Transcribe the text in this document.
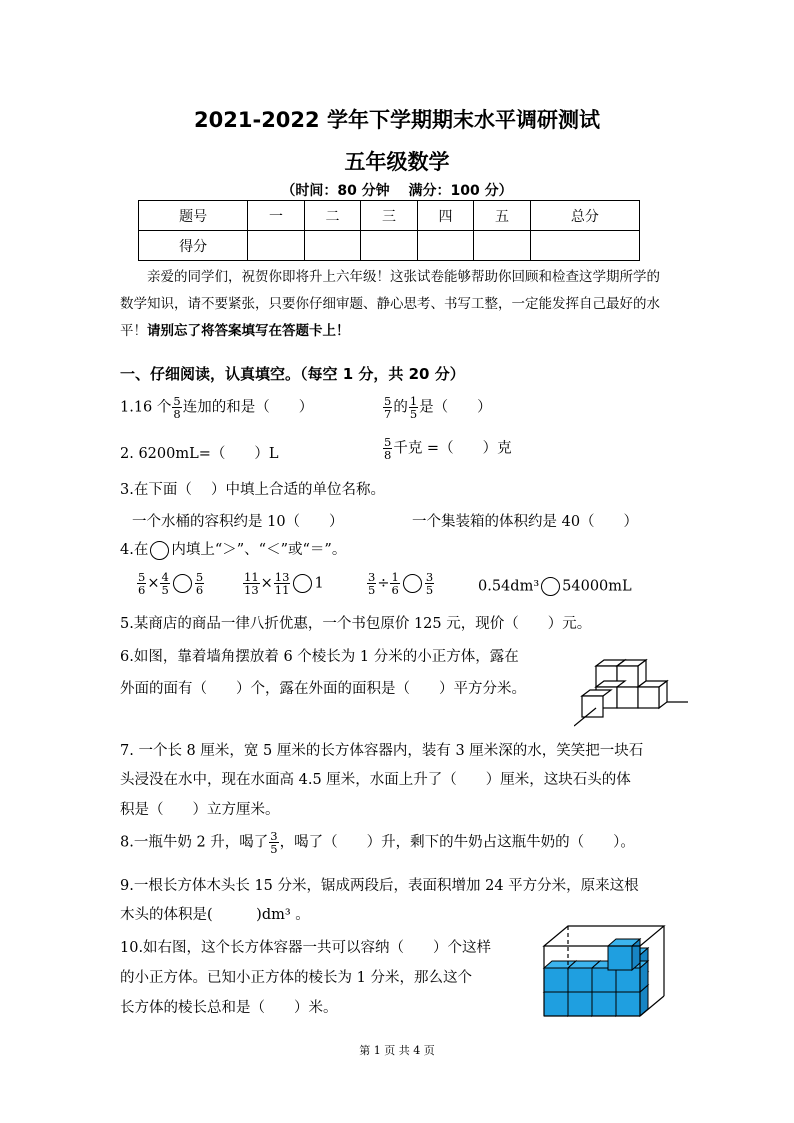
2021-2022 学年下学期期末水平调研测试
五年级数学
（时间：80 分钟　 满分：100 分）
题号	一	二	三	四	五	总分
得分						
亲爱的同学们，祝贺你即将升上六年级！这张试卷能够帮助你回顾和检查这学期所学的数学知识，请不要紧张，只要你仔细审题、静心思考、书写工整，一定能发挥自己最好的水平！请别忘了将答案填写在答题卡上！
一、仔细阅读，认真填空。（每空 1 分，共 20 分）
1.16 个 $\frac{5}{8}$ 连加的和是（　　）	$\frac{5}{7}$ 的 $\frac{1}{5}$ 是（　　）
2. 6200mL=（　　）L	$\frac{5}{8}$ 千克 =（　　）克
3.在下面（　 ）中填上合适的单位名称。
一个水桶的容积约是 10（　　）	一个集装箱的体积约是 40（　　）
4.在 内填上“＞”、“＜”或“＝”。
$\frac{5}{6} \times \frac{4}{5} \frac{5}{6}$	$\frac{11}{13} \times \frac{13}{11} 1$	$\frac{3}{5} \div \frac{1}{6} \frac{3}{5}$	0.54dm³ 54000mL
5.某商店的商品一律八折优惠，一个书包原价 125 元，现价（　　）元。
6.如图，靠着墙角摆放着 6 个棱长为 1 分米的小正方体，露在
外面的面有（　　）个，露在外面的面积是（　　）平方分米。
7. 一个长 8 厘米，宽 5 厘米的长方体容器内，装有 3 厘米深的水，笑笑把一块石
头浸没在水中，现在水面高 4.5 厘米，水面上升了（　　）厘米，这块石头的体
积是（　　）立方厘米。
8.一瓶牛奶 2 升，喝了 $\frac{3}{5}$ ，喝了（　　）升，剩下的牛奶占这瓶牛奶的（　　）。
9.一根长方体木头长 15 分米，锯成两段后，表面积增加 24 平方分米，原来这根
木头的体积是(　　　)dm³ 。
10.如右图，这个长方体容器一共可以容纳（　　）个这样
的小正方体。已知小正方体的棱长为 1 分米，那么这个
长方体的棱长总和是（　　）米。
第 1 页 共 4 页
